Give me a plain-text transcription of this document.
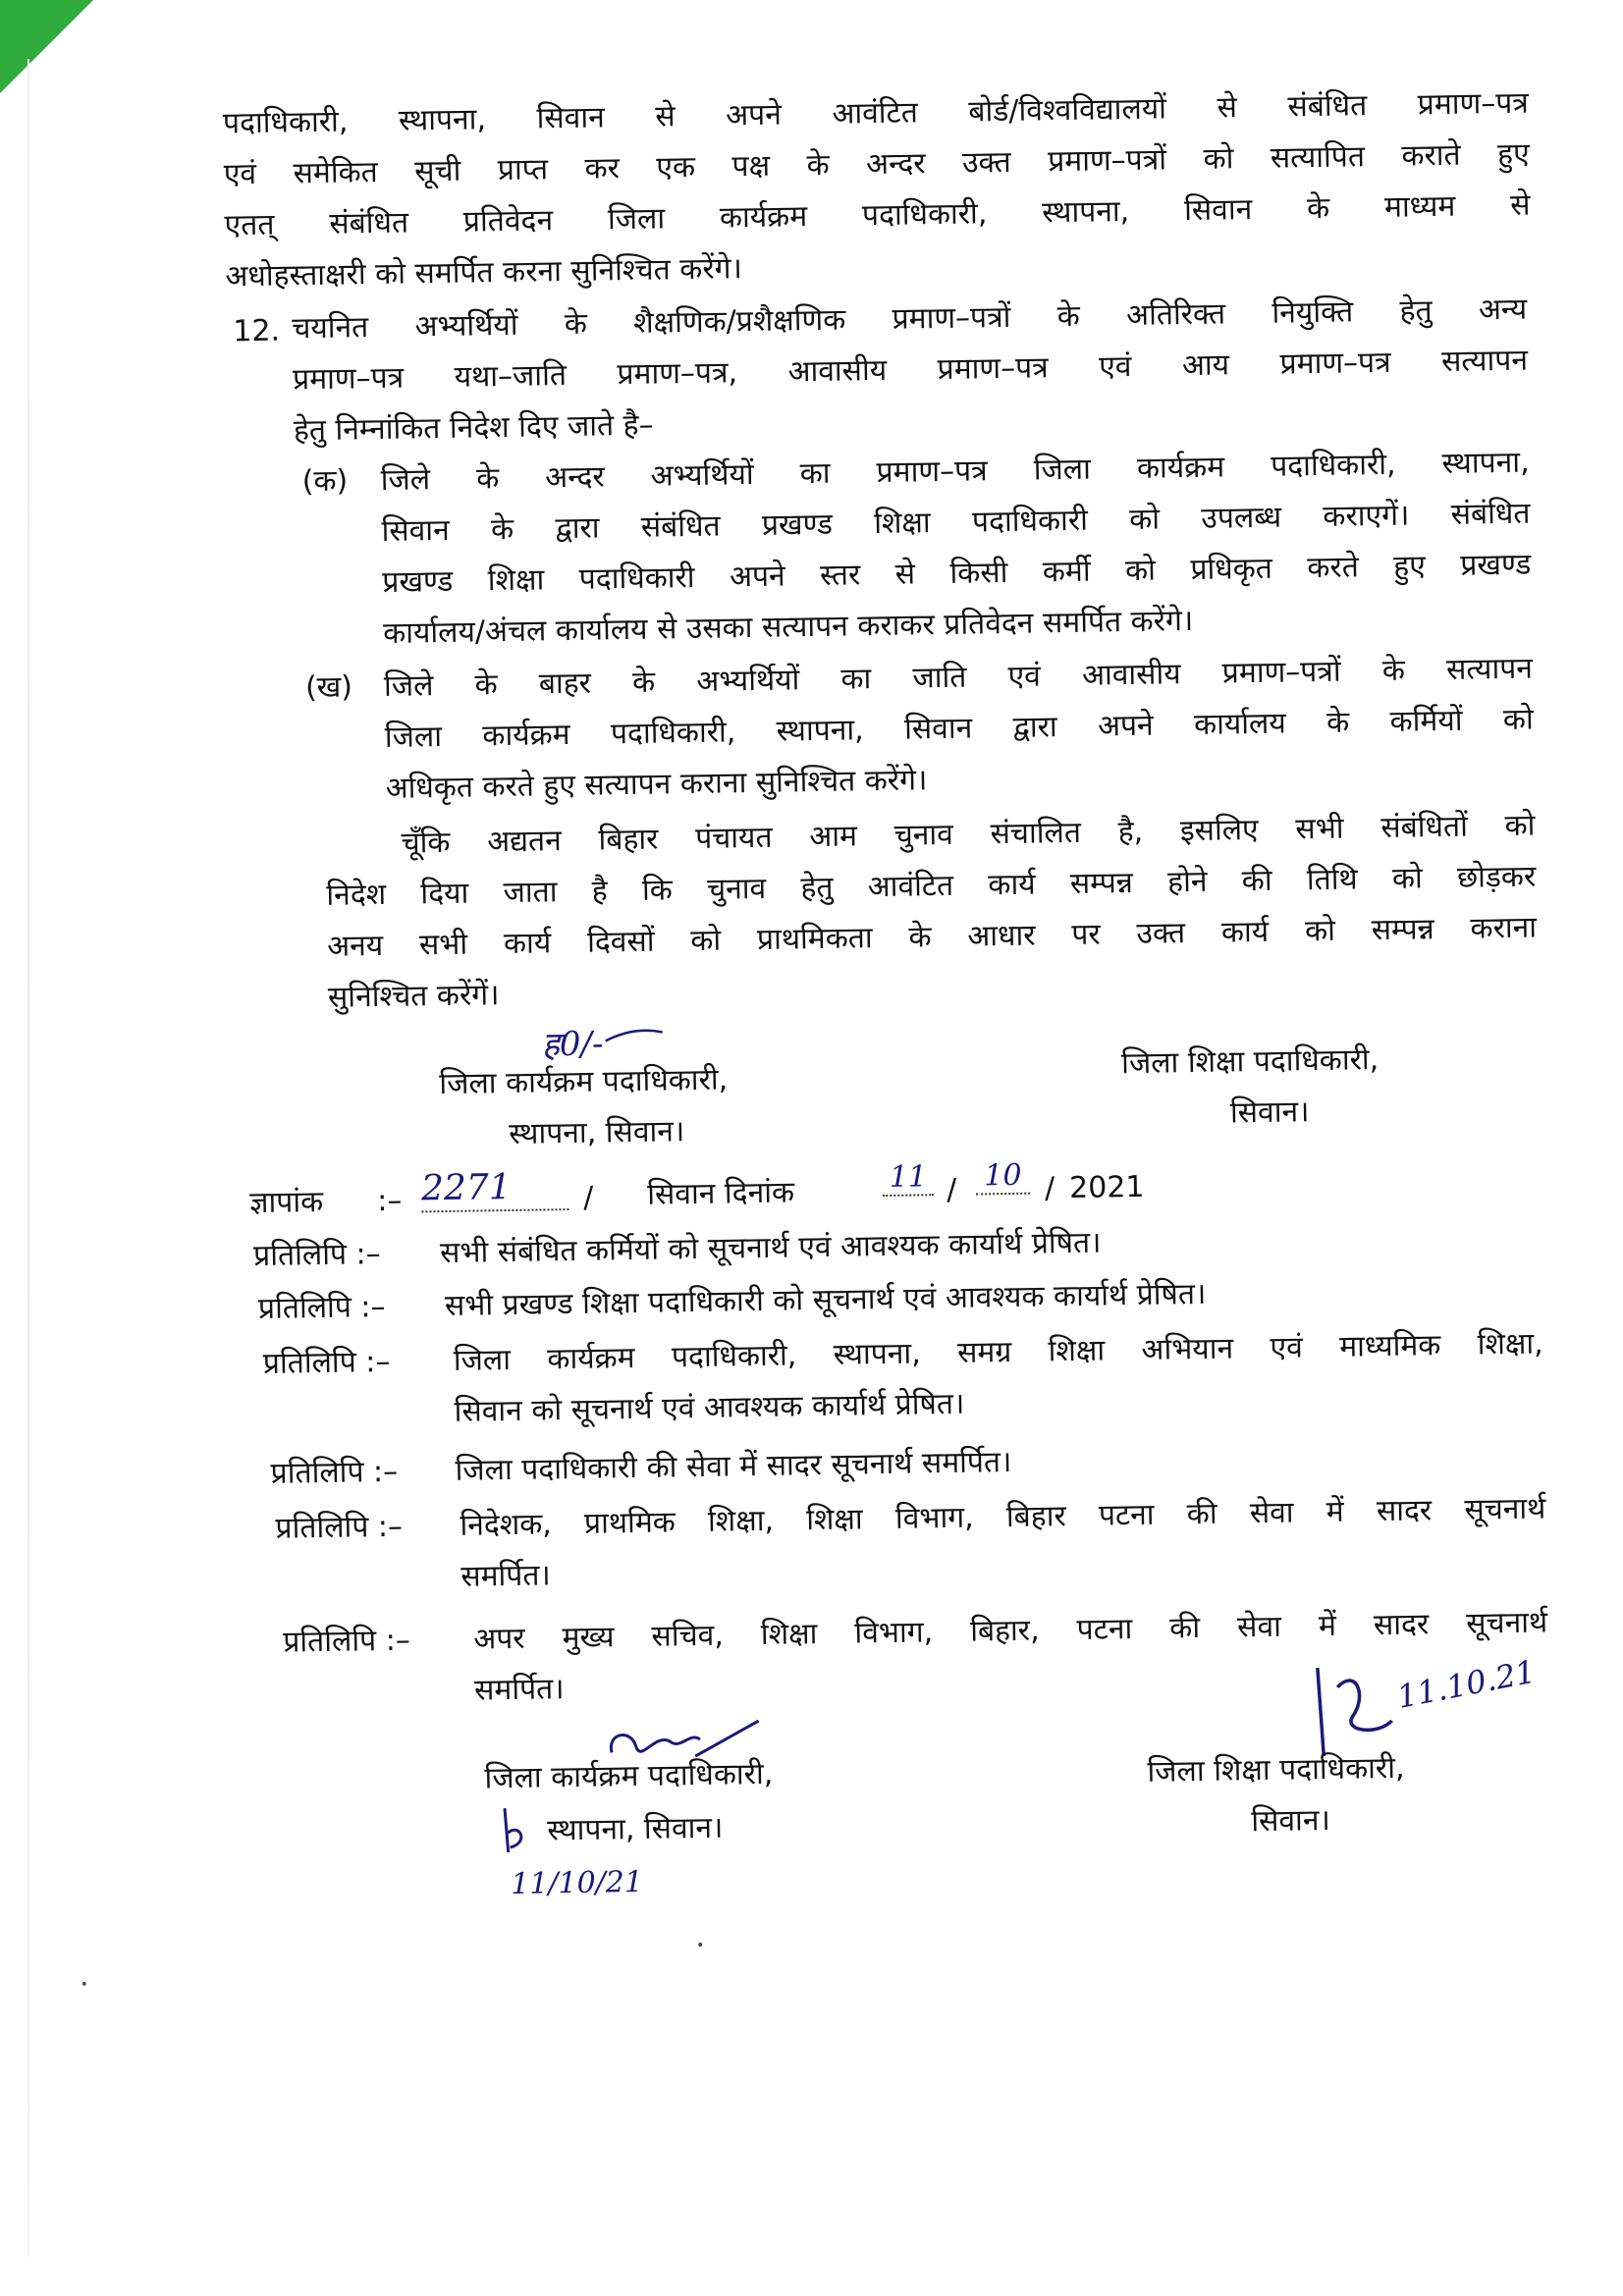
पदाधिकारी, स्थापना, सिवान से अपने आवंटित बोर्ड/विश्वविद्यालयों से संबंधित प्रमाण–पत्र
एवं समेकित सूची प्राप्त कर एक पक्ष के अन्दर उक्त प्रमाण–पत्रों को सत्यापित कराते हुए
एतत् संबंधित प्रतिवेदन जिला कार्यक्रम पदाधिकारी, स्थापना, सिवान के माध्यम से
अधोहस्ताक्षरी को समर्पित करना सुनिश्चित करेंगे।
12. चयनित अभ्यर्थियों के शैक्षणिक/प्रशैक्षणिक प्रमाण–पत्रों के अतिरिक्त नियुक्ति हेतु अन्य
प्रमाण–पत्र यथा–जाति प्रमाण–पत्र, आवासीय प्रमाण–पत्र एवं आय प्रमाण–पत्र सत्यापन
हेतु निम्नांकित निदेश दिए जाते है–
(क) जिले के अन्दर अभ्यर्थियों का प्रमाण–पत्र जिला कार्यक्रम पदाधिकारी, स्थापना,
सिवान के द्वारा संबंधित प्रखण्ड शिक्षा पदाधिकारी को उपलब्ध कराएगें। संबंधित
प्रखण्ड शिक्षा पदाधिकारी अपने स्तर से किसी कर्मी को प्रधिकृत करते हुए प्रखण्ड
कार्यालय/अंचल कार्यालय से उसका सत्यापन कराकर प्रतिवेदन समर्पित करेंगे।
(ख) जिले के बाहर के अभ्यर्थियों का जाति एवं आवासीय प्रमाण–पत्रों के सत्यापन
जिला कार्यक्रम पदाधिकारी, स्थापना, सिवान द्वारा अपने कार्यालय के कर्मियों को
अधिकृत करते हुए सत्यापन कराना सुनिश्चित करेंगे।
चूँकि अद्यतन बिहार पंचायत आम चुनाव संचालित है, इसलिए सभी संबंधितों को
निदेश दिया जाता है कि चुनाव हेतु आवंटित कार्य सम्पन्न होने की तिथि को छोड़कर
अनय सभी कार्य दिवसों को प्राथमिकता के आधार पर उक्त कार्य को सम्पन्न कराना
सुनिश्चित करेंगें।
ह0/-
जिला कार्यक्रम पदाधिकारी,
स्थापना, सिवान।
जिला शिक्षा पदाधिकारी,
सिवान।
ज्ञापांक :– 2271	/ सिवान दिनांक	11 / 10 / 2021
प्रतिलिपि :– सभी संबंधित कर्मियों को सूचनार्थ एवं आवश्यक कार्यार्थ प्रेषित।
प्रतिलिपि :– सभी प्रखण्ड शिक्षा पदाधिकारी को सूचनार्थ एवं आवश्यक कार्यार्थ प्रेषित।
प्रतिलिपि :– जिला कार्यक्रम पदाधिकारी, स्थापना, समग्र शिक्षा अभियान एवं माध्यमिक शिक्षा,
सिवान को सूचनार्थ एवं आवश्यक कार्यार्थ प्रेषित।
प्रतिलिपि :– जिला पदाधिकारी की सेवा में सादर सूचनार्थ समर्पित।
प्रतिलिपि :– निदेशक, प्राथमिक शिक्षा, शिक्षा विभाग, बिहार पटना की सेवा में सादर सूचनार्थ
समर्पित।
प्रतिलिपि :– अपर मुख्य सचिव, शिक्षा विभाग, बिहार, पटना की सेवा में सादर सूचनार्थ
समर्पित।
जिला कार्यक्रम पदाधिकारी,
स्थापना, सिवान।
11/10/21
11.10.21
जिला शिक्षा पदाधिकारी,
सिवान।
